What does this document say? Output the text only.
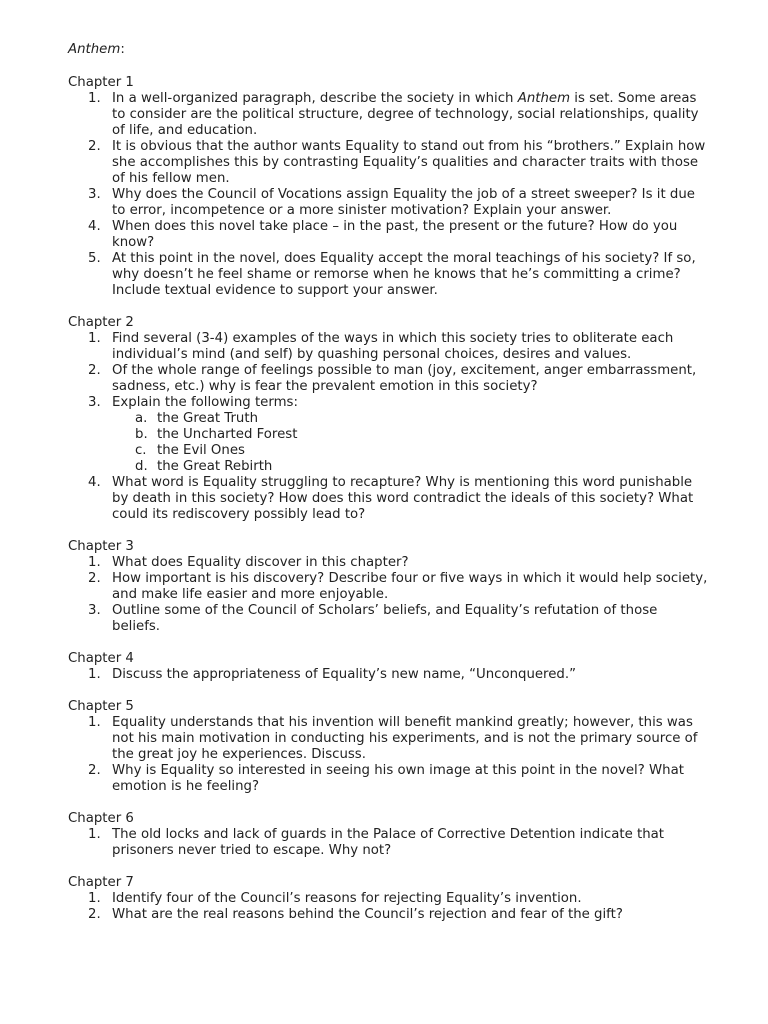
Anthem:
Chapter 1
1. In a well-organized paragraph, describe the society in which Anthem is set. Some areas to consider are the political structure, degree of technology, social relationships, quality of life, and education.
2. It is obvious that the author wants Equality to stand out from his “brothers.” Explain how she accomplishes this by contrasting Equality’s qualities and character traits with those of his fellow men.
3. Why does the Council of Vocations assign Equality the job of a street sweeper? Is it due to error, incompetence or a more sinister motivation? Explain your answer.
4. When does this novel take place – in the past, the present or the future? How do you know?
5. At this point in the novel, does Equality accept the moral teachings of his society? If so, why doesn’t he feel shame or remorse when he knows that he’s committing a crime? Include textual evidence to support your answer.
Chapter 2
1. Find several (3-4) examples of the ways in which this society tries to obliterate each individual’s mind (and self) by quashing personal choices, desires and values.
2. Of the whole range of feelings possible to man (joy, excitement, anger embarrassment, sadness, etc.) why is fear the prevalent emotion in this society?
3. Explain the following terms:
a. the Great Truth
b. the Uncharted Forest
c. the Evil Ones
d. the Great Rebirth
4. What word is Equality struggling to recapture? Why is mentioning this word punishable by death in this society? How does this word contradict the ideals of this society? What could its rediscovery possibly lead to?
Chapter 3
1. What does Equality discover in this chapter?
2. How important is his discovery? Describe four or five ways in which it would help society, and make life easier and more enjoyable.
3. Outline some of the Council of Scholars’ beliefs, and Equality’s refutation of those beliefs.
Chapter 4
1. Discuss the appropriateness of Equality’s new name, “Unconquered.”
Chapter 5
1. Equality understands that his invention will benefit mankind greatly; however, this was not his main motivation in conducting his experiments, and is not the primary source of the great joy he experiences. Discuss.
2. Why is Equality so interested in seeing his own image at this point in the novel? What emotion is he feeling?
Chapter 6
1. The old locks and lack of guards in the Palace of Corrective Detention indicate that prisoners never tried to escape. Why not?
Chapter 7
1. Identify four of the Council’s reasons for rejecting Equality’s invention.
2. What are the real reasons behind the Council’s rejection and fear of the gift?
